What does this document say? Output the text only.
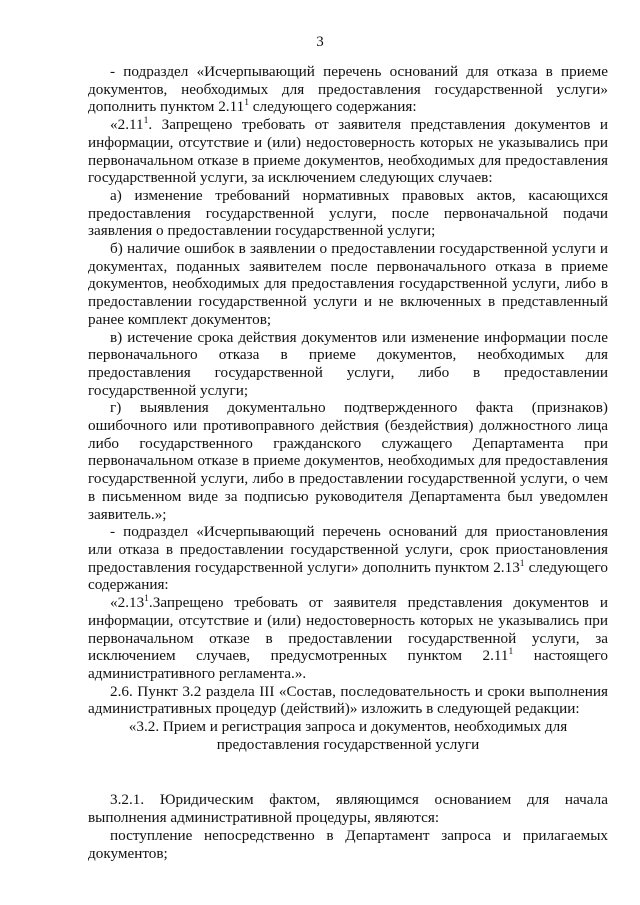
3

- подраздел «Исчерпывающий перечень оснований для отказа в приеме документов, необходимых для предоставления государственной услуги» дополнить пунктом 2.11$^1$ следующего содержания:

«2.11$^1$. Запрещено требовать от заявителя представления документов и информации, отсутствие и (или) недостоверность которых не указывались при первоначальном отказе в приеме документов, необходимых для предоставления государственной услуги, за исключением следующих случаев:

а) изменение требований нормативных правовых актов, касающихся предоставления государственной услуги, после первоначальной подачи заявления о предоставлении государственной услуги;

б) наличие ошибок в заявлении о предоставлении государственной услуги и документах, поданных заявителем после первоначального отказа в приеме документов, необходимых для предоставления государственной услуги, либо в предоставлении государственной услуги и не включенных в представленный ранее комплект документов;

в) истечение срока действия документов или изменение информации после первоначального отказа в приеме документов, необходимых для предоставления государственной услуги, либо в предоставлении государственной услуги;

г) выявления документально подтвержденного факта (признаков) ошибочного или противоправного действия (бездействия) должностного лица либо государственного гражданского служащего Департамента при первоначальном отказе в приеме документов, необходимых для предоставления государственной услуги, либо в предоставлении государственной услуги, о чем в письменном виде за подписью руководителя Департамента был уведомлен заявитель.»;

- подраздел «Исчерпывающий перечень оснований для приостановления или отказа в предоставлении государственной услуги, срок приостановления предоставления государственной услуги» дополнить пунктом 2.13$^1$ следующего содержания:

«2.13$^1$.Запрещено требовать от заявителя представления документов и информации, отсутствие и (или) недостоверность которых не указывались при первоначальном отказе в предоставлении государственной услуги, за исключением случаев, предусмотренных пунктом 2.11$^1$ настоящего административного регламента.».

2.6. Пункт 3.2 раздела III «Состав, последовательность и сроки выполнения административных процедур (действий)» изложить в следующей редакции:

«3.2. Прием и регистрация запроса и документов, необходимых для предоставления государственной услуги

3.2.1. Юридическим фактом, являющимся основанием для начала выполнения административной процедуры, являются:

поступление непосредственно в Департамент запроса и прилагаемых документов;
